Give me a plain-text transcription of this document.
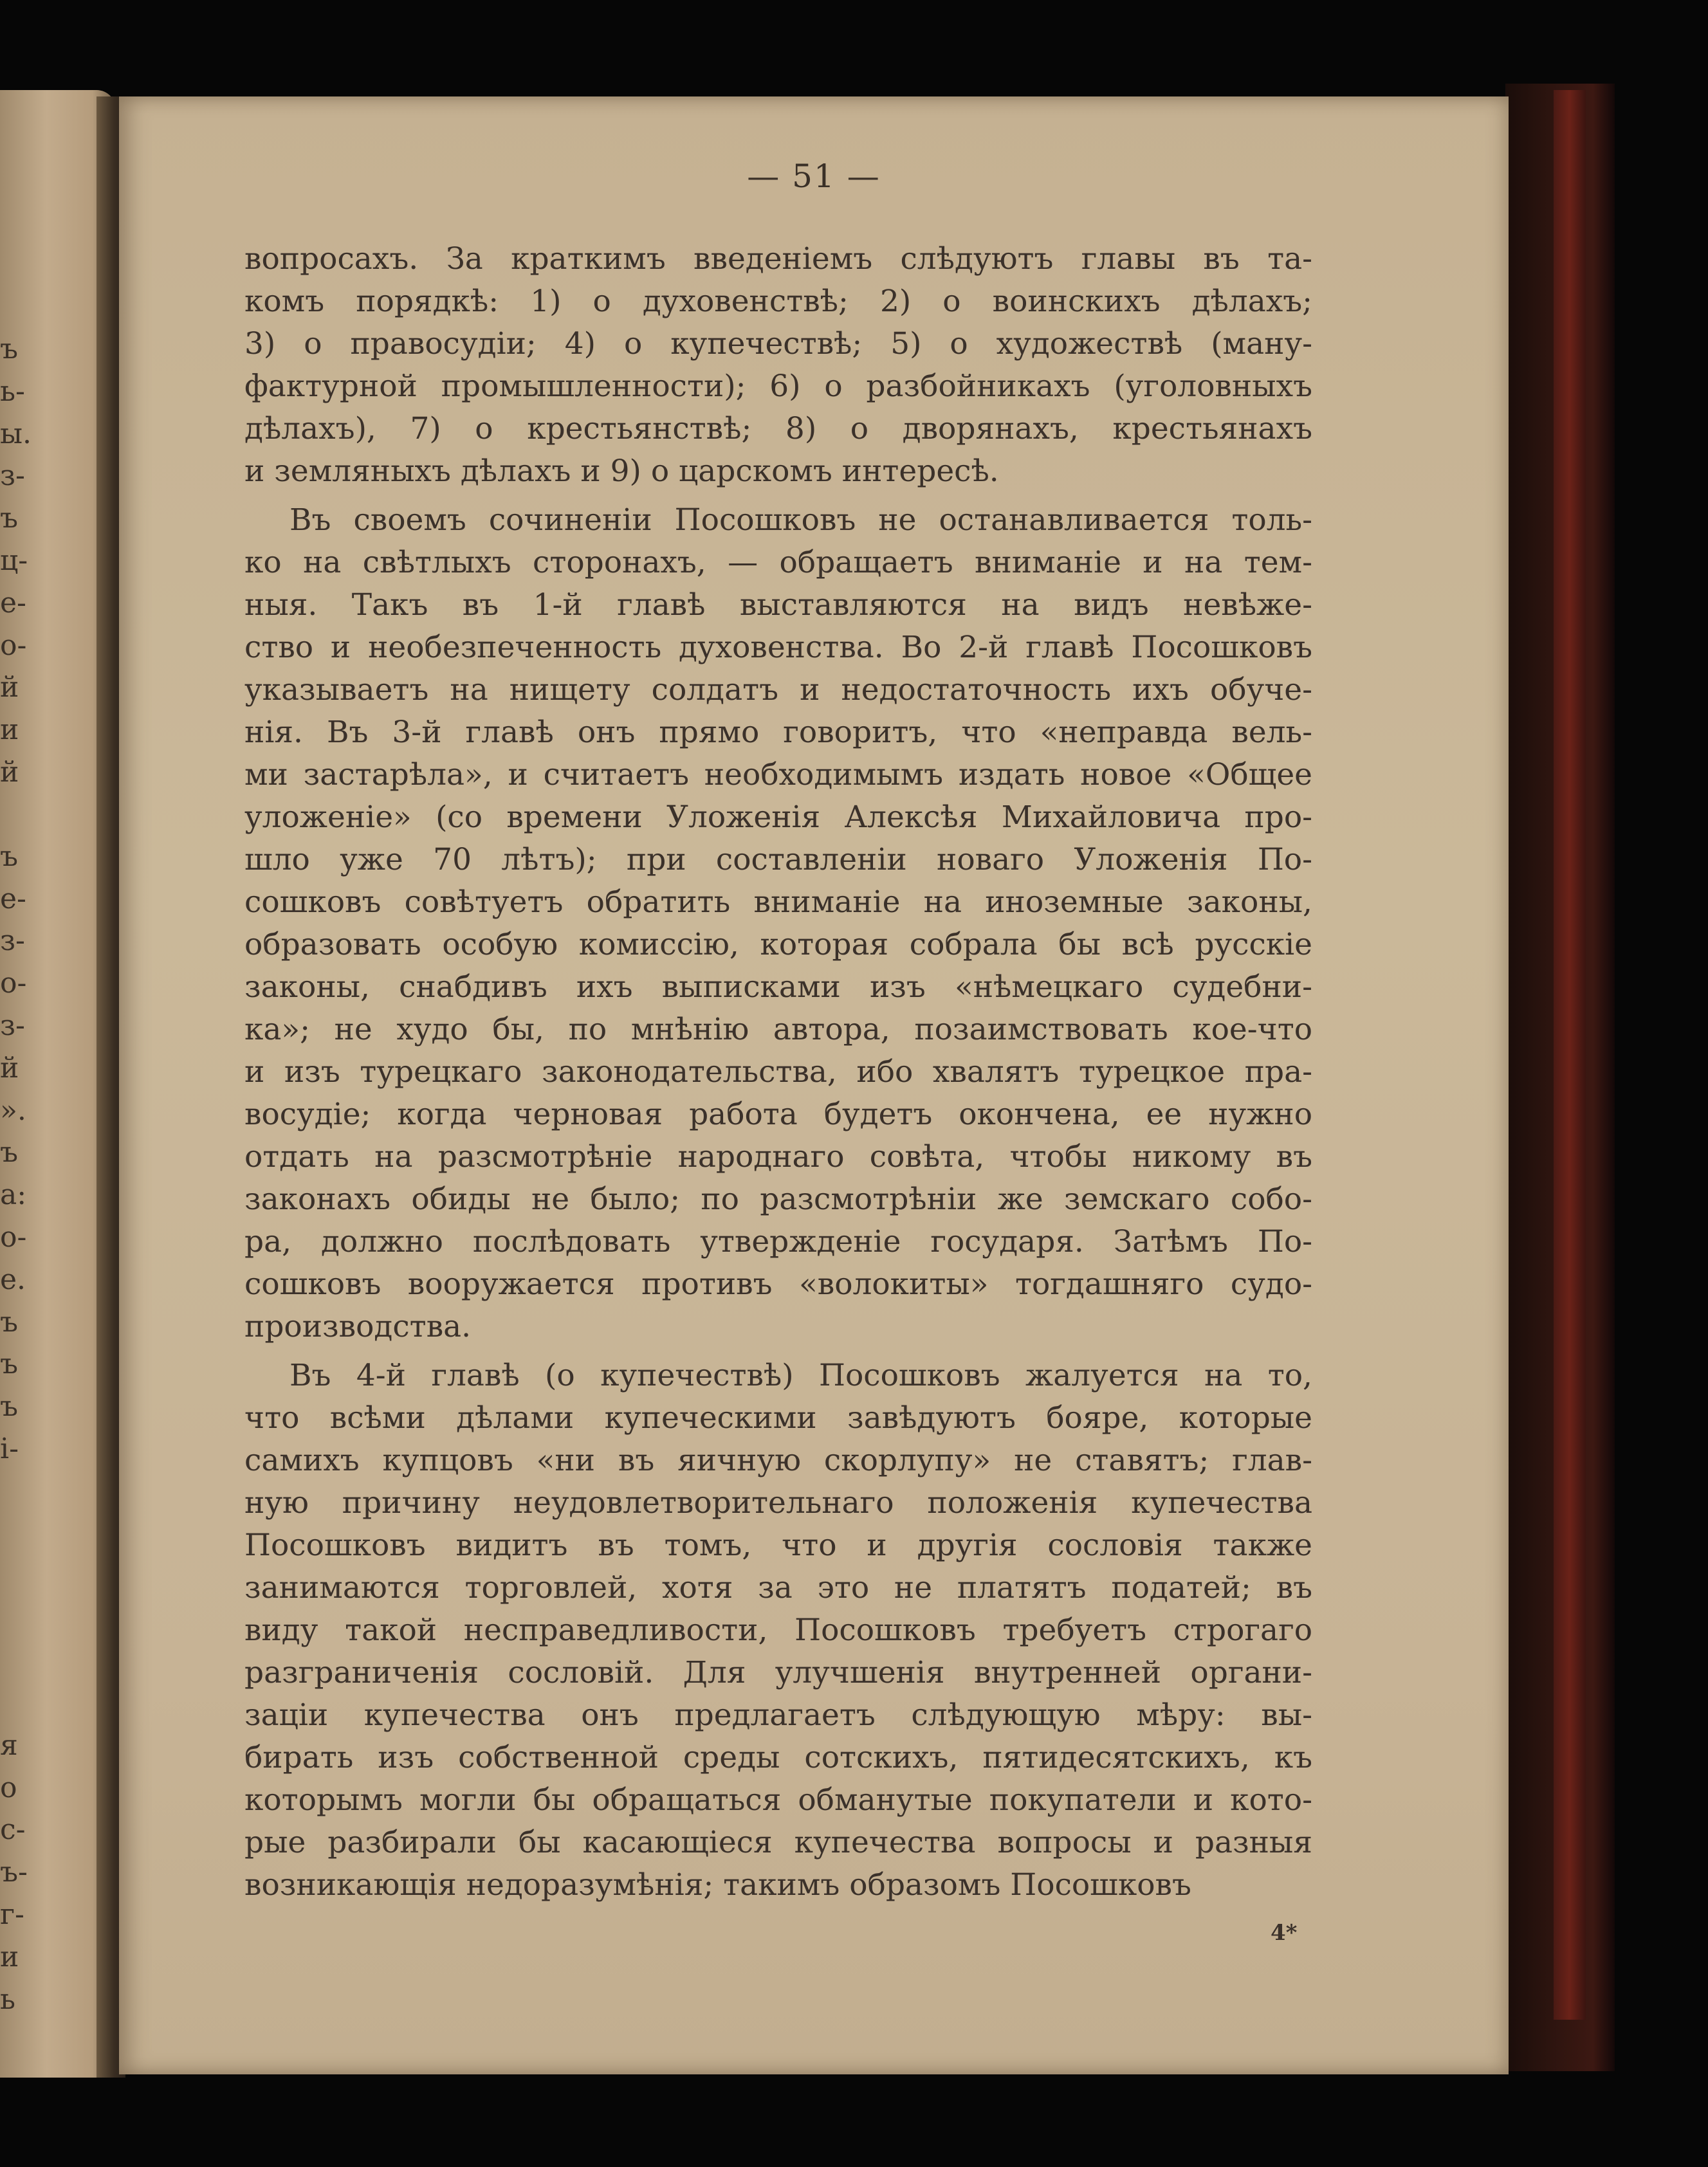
ъ
ь-
ы.
з-
ъ
ц-
е-
о-
й
и
й
ъ
е-
з-
о-
з-
й
».
ъ
а:
о-
е.
ъ
ъ
ъ
і-
я
о
с-
ъ-
г-
и
ь
— 51 —
вопросахъ. За краткимъ введеніемъ слѣдуютъ главы въ та-
комъ порядкѣ: 1) о духовенствѣ; 2) о воинскихъ дѣлахъ;
3) о правосудіи; 4) о купечествѣ; 5) о художествѣ (ману-
фактурной промышленности); 6) о разбойникахъ (уголовныхъ
дѣлахъ), 7) о крестьянствѣ; 8) о дворянахъ, крестьянахъ
и земляныхъ дѣлахъ и 9) о царскомъ интересѣ.
Въ своемъ сочиненіи Посошковъ не останавливается толь-
ко на свѣтлыхъ сторонахъ, — обращаетъ вниманіе и на тем-
ныя. Такъ въ 1-й главѣ выставляются на видъ невѣже-
ство и необезпеченность духовенства. Во 2-й главѣ Посошковъ
указываетъ на нищету солдатъ и недостаточность ихъ обуче-
нія. Въ 3-й главѣ онъ прямо говоритъ, что «неправда вель-
ми застарѣла», и считаетъ необходимымъ издать новое «Общее
уложеніе» (со времени Уложенія Алексѣя Михайловича про-
шло уже 70 лѣтъ); при составленіи новаго Уложенія По-
сошковъ совѣтуетъ обратить вниманіе на иноземные законы,
образовать особую комиссію, которая собрала бы всѣ русскіе
законы, снабдивъ ихъ выписками изъ «нѣмецкаго судебни-
ка»; не худо бы, по мнѣнію автора, позаимствовать кое-что
и изъ турецкаго законодательства, ибо хвалятъ турецкое пра-
восудіе; когда черновая работа будетъ окончена, ее нужно
отдать на разсмотрѣніе народнаго совѣта, чтобы никому въ
законахъ обиды не было; по разсмотрѣніи же земскаго собо-
ра, должно послѣдовать утвержденіе государя. Затѣмъ По-
сошковъ вооружается противъ «волокиты» тогдашняго судо-
производства.
Въ 4-й главѣ (о купечествѣ) Посошковъ жалуется на то,
что всѣми дѣлами купеческими завѣдуютъ бояре, которые
самихъ купцовъ «ни въ яичную скорлупу» не ставятъ; глав-
ную причину неудовлетворительнаго положенія купечества
Посошковъ видитъ въ томъ, что и другія сословія также
занимаются торговлей, хотя за это не платятъ податей; въ
виду такой несправедливости, Посошковъ требуетъ строгаго
разграниченія сословій. Для улучшенія внутренней органи-
заціи купечества онъ предлагаетъ слѣдующую мѣру: вы-
бирать изъ собственной среды сотскихъ, пятидесятскихъ, къ
которымъ могли бы обращаться обманутые покупатели и кото-
рые разбирали бы касающіеся купечества вопросы и разныя
возникающія недоразумѣнія; такимъ образомъ Посошковъ
4*
